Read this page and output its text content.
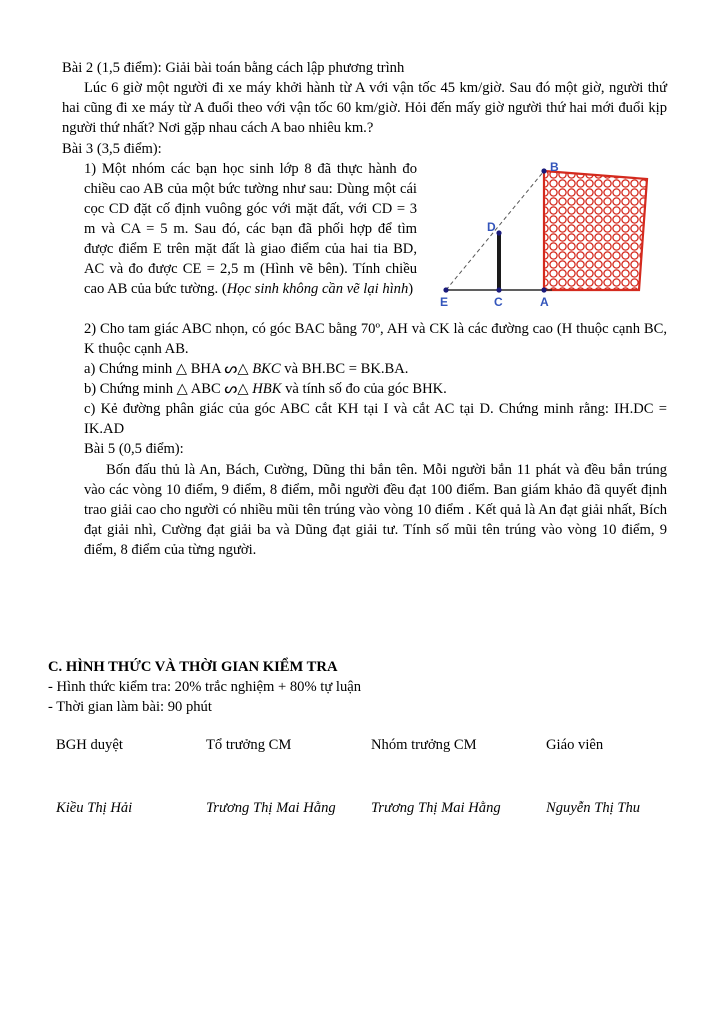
Bài 2 (1,5 điểm): Giải bài toán bằng cách lập phương trình

Lúc 6 giờ một người đi xe máy khởi hành từ A với vận tốc 45 km/giờ. Sau đó một giờ, người thứ hai cũng đi xe máy từ A đuổi theo với vận tốc 60 km/giờ. Hỏi đến mấy giờ người thứ hai mới đuổi kịp người thứ nhất? Nơi gặp nhau cách A bao nhiêu km.?

Bài 3 (3,5 điểm):

B
D
E	C	A

1) Một nhóm các bạn học sinh lớp 8 đã thực hành đo chiều cao AB của một bức tường như sau: Dùng một cái cọc CD đặt cố định vuông góc với mặt đất, với CD = 3 m và CA = 5 m. Sau đó, các bạn đã phối hợp để tìm được điểm E trên mặt đất là giao điểm của hai tia BD, AC và đo được CE = 2,5 m (Hình vẽ bên). Tính chiều cao AB của bức tường. (Học sinh không cần vẽ lại hình)

2) Cho tam giác ABC nhọn, có góc BAC bằng 70º, AH và CK là các đường cao (H thuộc cạnh BC, K thuộc cạnh AB.

a) Chứng minh △ BHA ᔕ△ BKC và BH.BC = BK.BA.

b) Chứng minh △ ABC ᔕ△ HBK và tính số đo của góc BHK.

c) Kẻ đường phân giác của góc ABC cắt KH tại I và cắt AC tại D. Chứng minh rằng: IH.DC = IK.AD

Bài 5 (0,5 điểm):

Bốn đấu thủ là An, Bách, Cường, Dũng thi bắn tên. Mỗi người bắn 11 phát và đều bắn trúng vào các vòng 10 điểm, 9 điểm, 8 điểm, mỗi người đều đạt 100 điểm. Ban giám khảo đã quyết định trao giải cao cho người có nhiều mũi tên trúng vào vòng 10 điểm . Kết quả là An đạt giải nhất, Bích đạt giải nhì, Cường đạt giải ba và Dũng đạt giải tư. Tính số mũi tên trúng vào vòng 10 điểm, 9 điểm, 8 điểm của từng người.

C. HÌNH THỨC VÀ THỜI GIAN KIỂM TRA

- Hình thức kiểm tra: 20% trắc nghiệm + 80% tự luận

- Thời gian làm bài: 90 phút

BGH duyệt	Tổ trưởng CM	Nhóm trưởng CM	Giáo viên
Kiều Thị Hải	Trương Thị Mai Hằng	Trương Thị Mai Hằng	Nguyễn Thị Thu
